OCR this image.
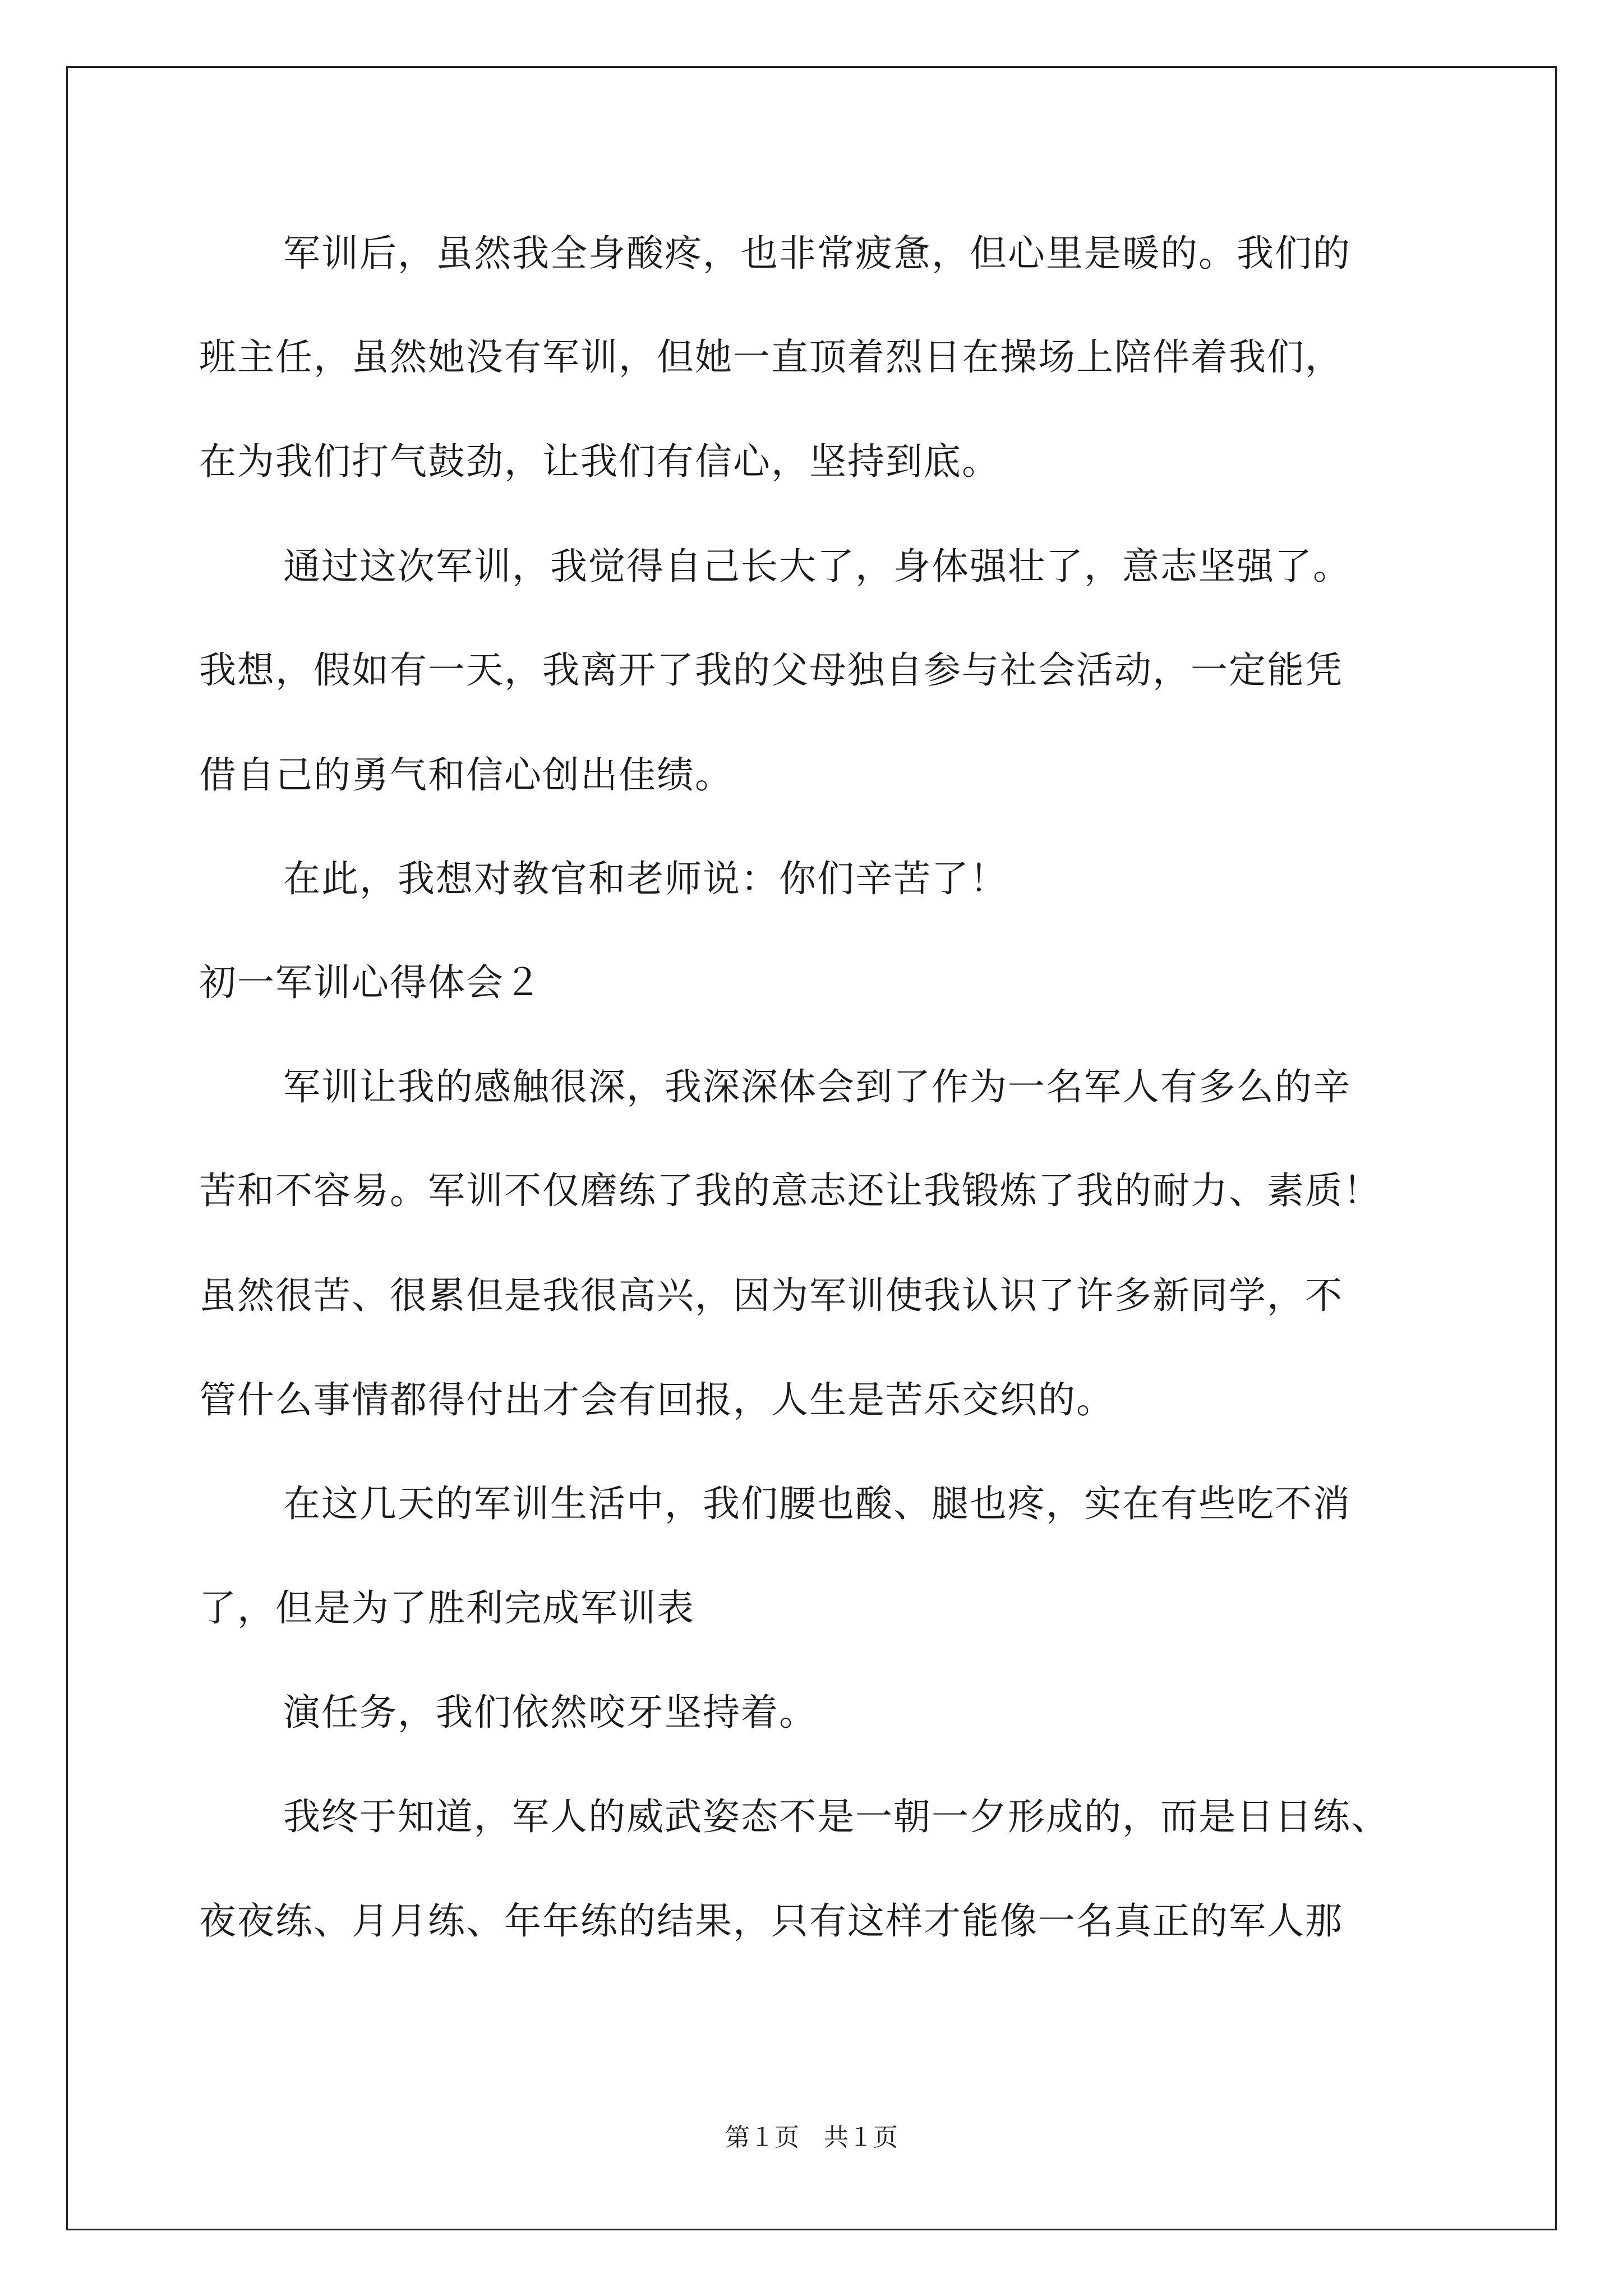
军训后，虽然我全身酸疼，也非常疲惫，但心里是暖的。我们的
班主任，虽然她没有军训，但她一直顶着烈日在操场上陪伴着我们，
在为我们打气鼓劲，让我们有信心，坚持到底。
通过这次军训，我觉得自己长大了，身体强壮了，意志坚强了。
我想，假如有一天，我离开了我的父母独自参与社会活动，一定能凭
借自己的勇气和信心创出佳绩。
在此，我想对教官和老师说：你们辛苦了！
初一军训心得体会２
军训让我的感触很深，我深深体会到了作为一名军人有多么的辛
苦和不容易。军训不仅磨练了我的意志还让我锻炼了我的耐力、素质！
虽然很苦、很累但是我很高兴，因为军训使我认识了许多新同学，不
管什么事情都得付出才会有回报，人生是苦乐交织的。
在这几天的军训生活中，我们腰也酸、腿也疼，实在有些吃不消
了，但是为了胜利完成军训表
演任务，我们依然咬牙坚持着。
我终于知道，军人的威武姿态不是一朝一夕形成的，而是日日练、
夜夜练、月月练、年年练的结果，只有这样才能像一名真正的军人那
第１页　共１页
